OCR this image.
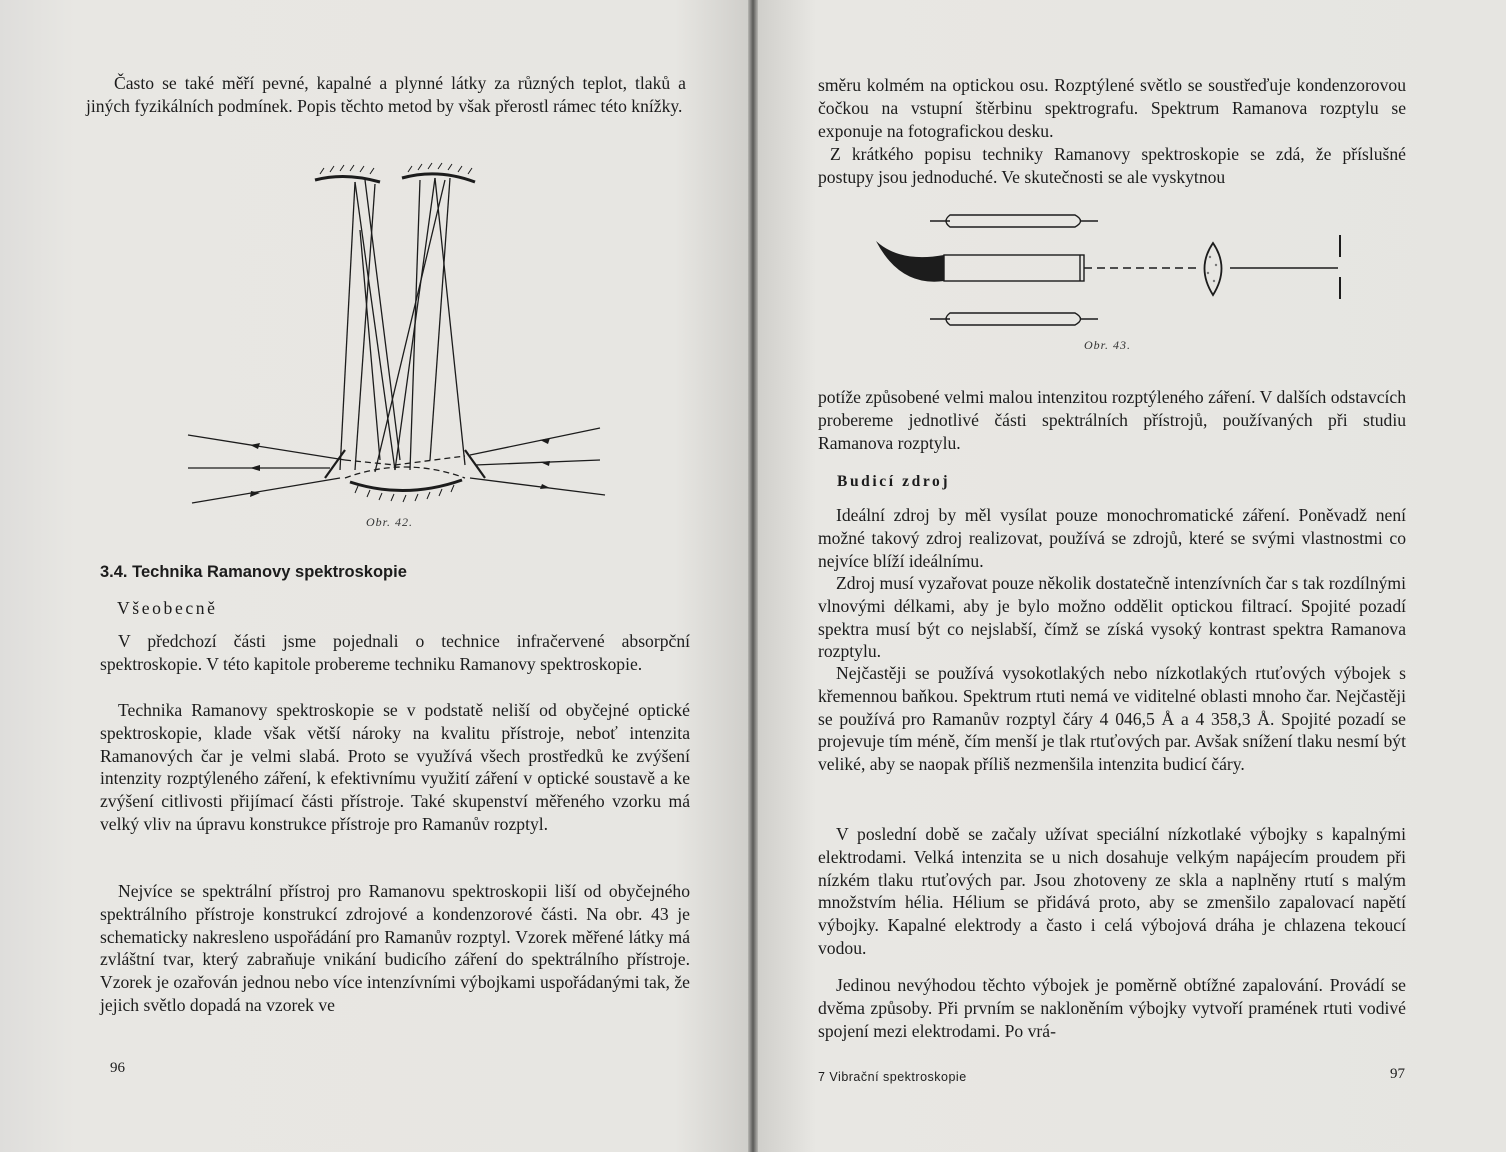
Často se také měří pevné, kapalné a plynné látky za různých teplot, tlaků a jiných fyzikálních podmínek. Popis těchto metod by však přerostl rámec této knížky.

Obr. 42.
3.4. Technika Ramanovy spektroskopie
Všeobecně

V předchozí části jsme pojednali o technice infračervené absorpční spektroskopie. V této kapitole probereme techniku Ramanovy spektroskopie.

Technika Ramanovy spektroskopie se v podstatě neliší od obyčejné optické spektroskopie, klade však větší nároky na kvalitu přístroje, neboť intenzita Ramanových čar je velmi slabá. Proto se využívá všech prostředků ke zvýšení intenzity rozptýleného záření, k efektivnímu využití záření v optické soustavě a ke zvýšení citlivosti přijímací části přístroje. Také skupenství měřeného vzorku má velký vliv na úpravu konstrukce přístroje pro Ramanův rozptyl.

Nejvíce se spektrální přístroj pro Ramanovu spektroskopii liší od obyčejného spektrálního přístroje konstrukcí zdrojové a kondenzorové části. Na obr. 43 je schematicky nakresleno uspořádání pro Ramanův rozptyl. Vzorek měřené látky má zvláštní tvar, který zabraňuje vnikání budicího záření do spektrálního přístroje. Vzorek je ozařován jednou nebo více intenzívními výbojkami uspořádanými tak, že jejich světlo dopadá na vzorek ve

96

směru kolmém na optickou osu. Rozptýlené světlo se soustřeďuje kondenzorovou čočkou na vstupní štěrbinu spektrografu. Spektrum Ramanova rozptylu se exponuje na fotografickou desku.

Z krátkého popisu techniky Ramanovy spektroskopie se zdá, že příslušné postupy jsou jednoduché. Ve skutečnosti se ale vyskytnou

Obr. 43.

potíže způsobené velmi malou intenzitou rozptýleného záření. V dalších odstavcích probereme jednotlivé části spektrálních přístrojů, používaných při studiu Ramanova rozptylu.

Budicí zdroj

Ideální zdroj by měl vysílat pouze monochromatické záření. Poněvadž není možné takový zdroj realizovat, používá se zdrojů, které se svými vlastnostmi co nejvíce blíží ideálnímu.

Zdroj musí vyzařovat pouze několik dostatečně intenzívních čar s tak rozdílnými vlnovými délkami, aby je bylo možno oddělit optickou filtrací. Spojité pozadí spektra musí být co nejslabší, čímž se získá vysoký kontrast spektra Ramanova rozptylu.

Nejčastěji se používá vysokotlakých nebo nízkotlakých rtuťových výbojek s křemennou baňkou. Spektrum rtuti nemá ve viditelné oblasti mnoho čar. Nejčastěji se používá pro Ramanův rozptyl čáry 4 046,5 Å a 4 358,3 Å. Spojité pozadí se projevuje tím méně, čím menší je tlak rtuťových par. Avšak snížení tlaku nesmí být veliké, aby se naopak příliš nezmenšila intenzita budicí čáry.

V poslední době se začaly užívat speciální nízkotlaké výbojky s kapalnými elektrodami. Velká intenzita se u nich dosahuje velkým napájecím proudem při nízkém tlaku rtuťových par. Jsou zhotoveny ze skla a naplněny rtutí s malým množstvím hélia. Hélium se přidává proto, aby se zmenšilo zapalovací napětí výbojky. Kapalné elektrody a často i celá výbojová dráha je chlazena tekoucí vodou.

Jedinou nevýhodou těchto výbojek je poměrně obtížné zapalování. Provádí se dvěma způsoby. Při prvním se nakloněním výbojky vytvoří pramének rtuti vodivé spojení mezi elektrodami. Po vrá-

7 Vibrační spektroskopie	97
